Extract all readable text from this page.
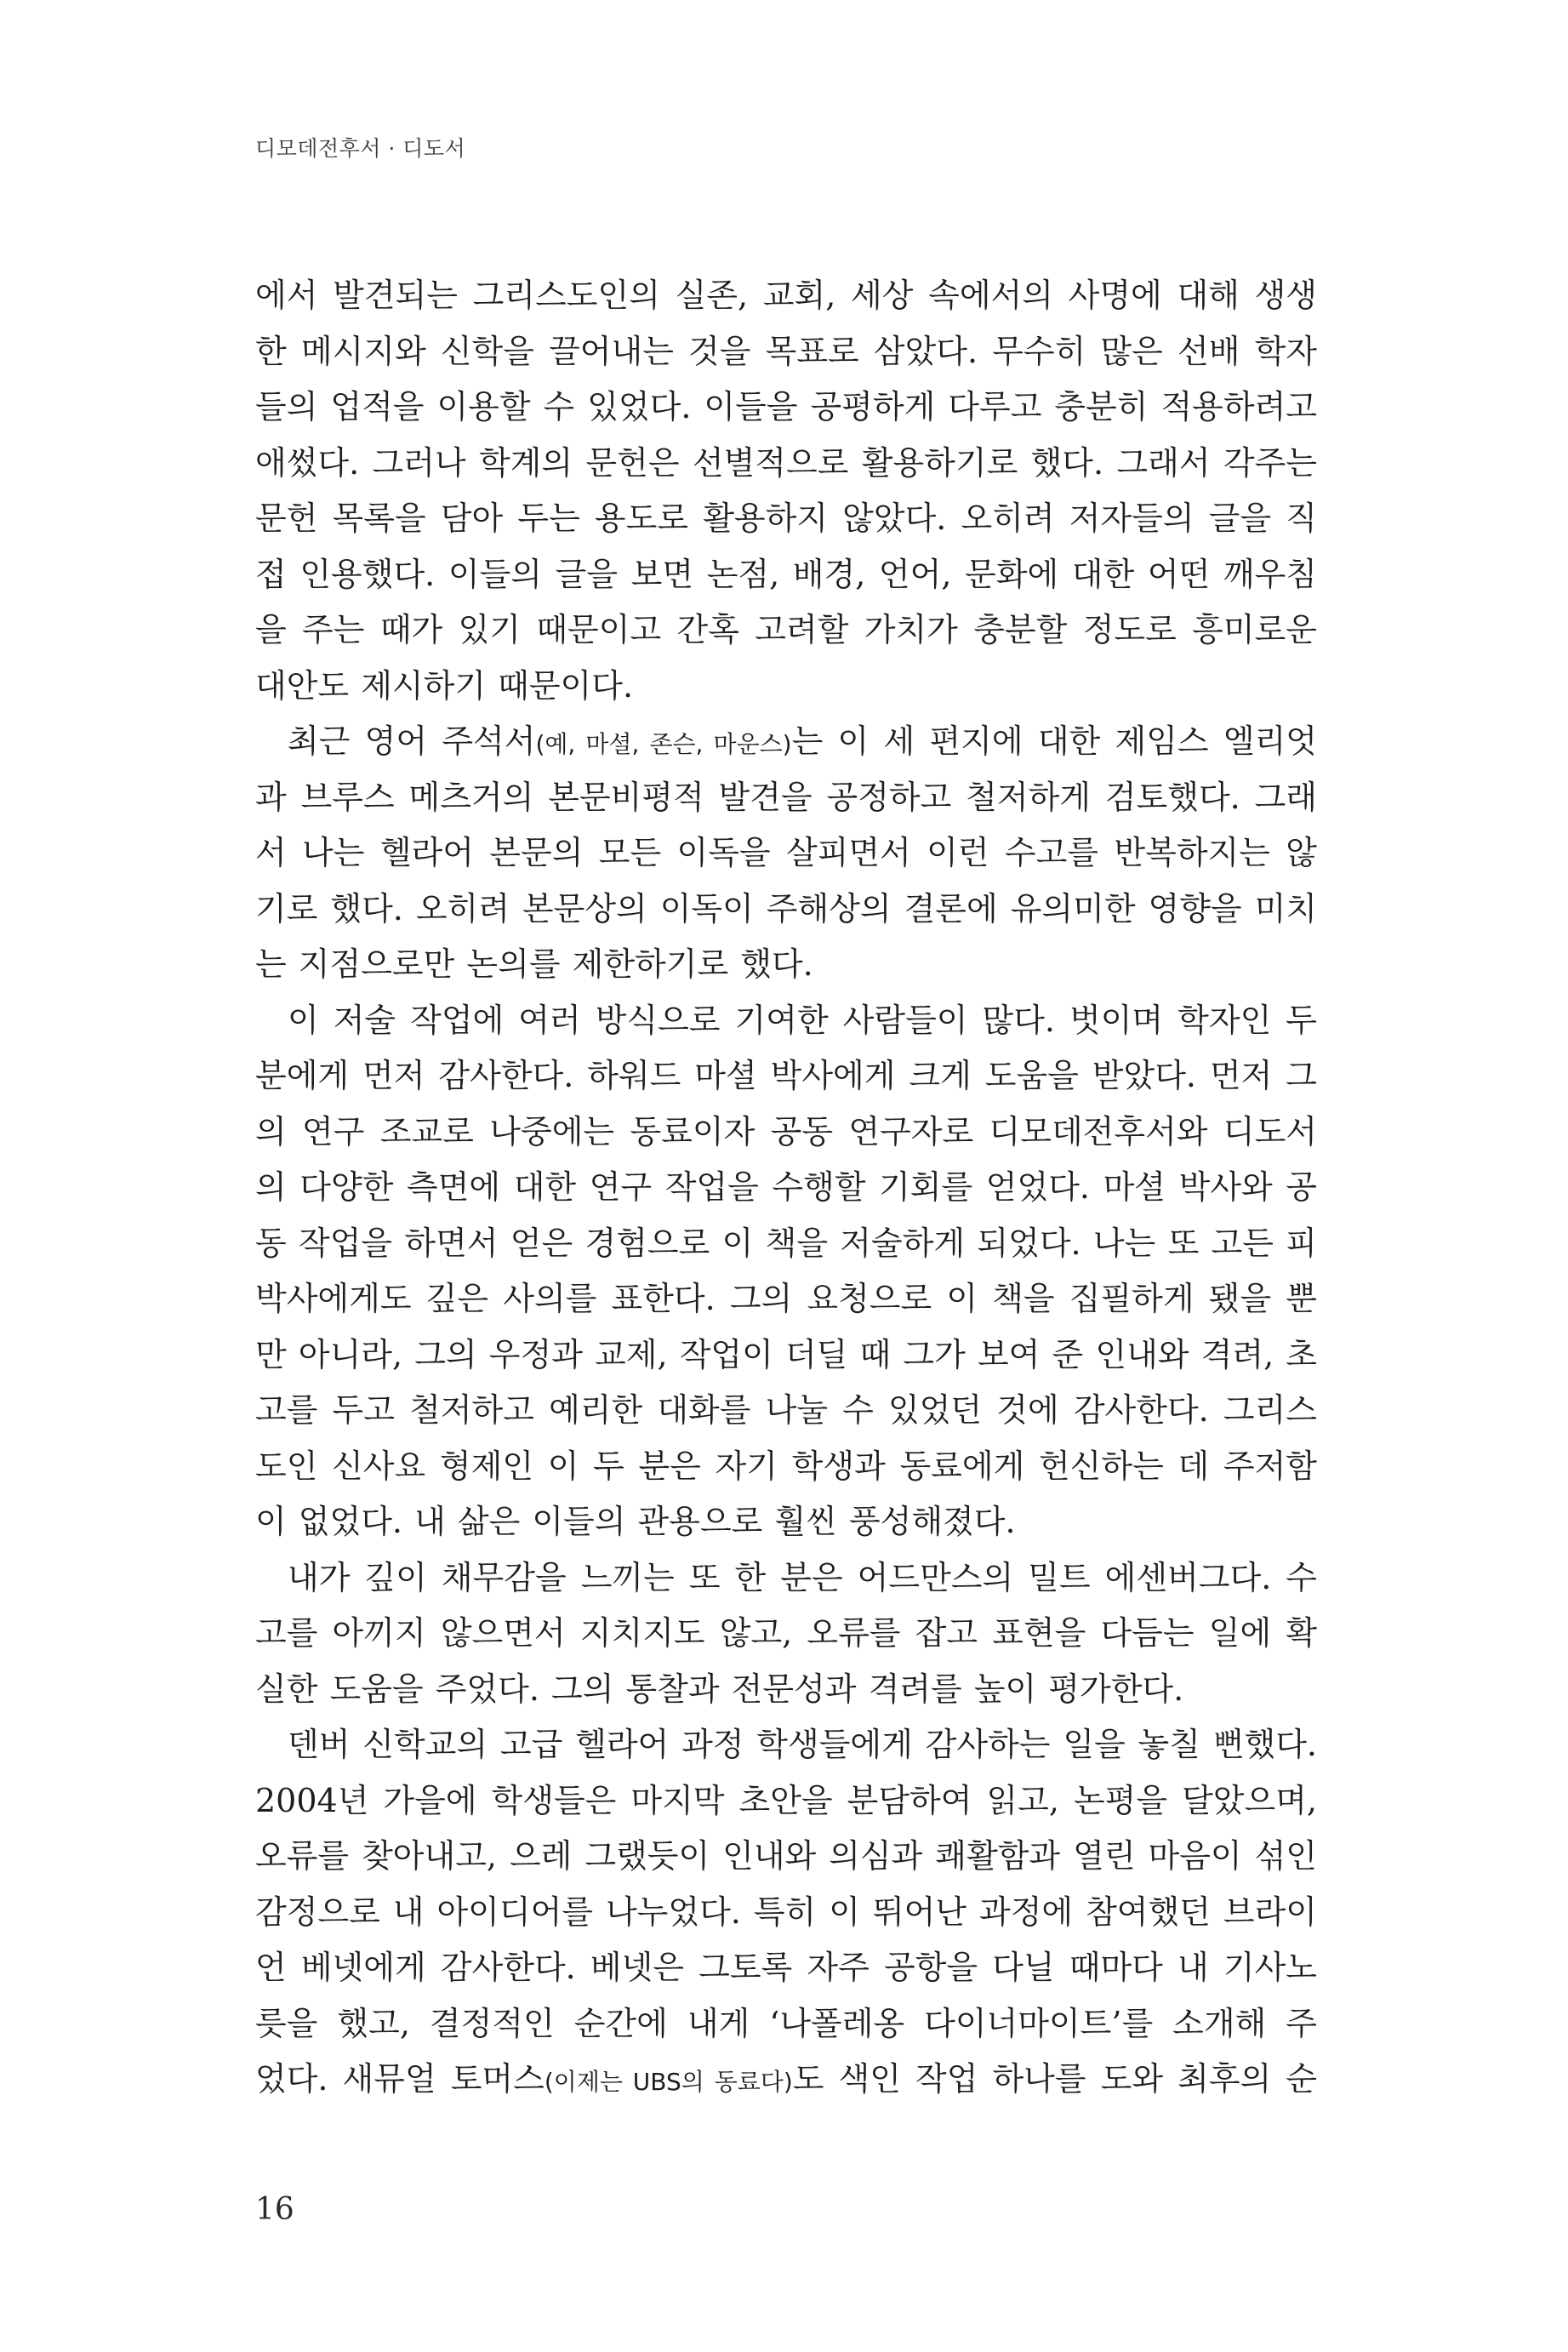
디모데전후서 · 디도서
에서 발견되는 그리스도인의 실존, 교회, 세상 속에서의 사명에 대해 생생
한 메시지와 신학을 끌어내는 것을 목표로 삼았다. 무수히 많은 선배 학자
들의 업적을 이용할 수 있었다. 이들을 공평하게 다루고 충분히 적용하려고
애썼다. 그러나 학계의 문헌은 선별적으로 활용하기로 했다. 그래서 각주는
문헌 목록을 담아 두는 용도로 활용하지 않았다. 오히려 저자들의 글을 직
접 인용했다. 이들의 글을 보면 논점, 배경, 언어, 문화에 대한 어떤 깨우침
을 주는 때가 있기 때문이고 간혹 고려할 가치가 충분할 정도로 흥미로운
대안도 제시하기 때문이다.
최근 영어 주석서(예, 마셜, 존슨, 마운스)는 이 세 편지에 대한 제임스 엘리엇
과 브루스 메츠거의 본문비평적 발견을 공정하고 철저하게 검토했다. 그래
서 나는 헬라어 본문의 모든 이독을 살피면서 이런 수고를 반복하지는 않
기로 했다. 오히려 본문상의 이독이 주해상의 결론에 유의미한 영향을 미치
는 지점으로만 논의를 제한하기로 했다.
이 저술 작업에 여러 방식으로 기여한 사람들이 많다. 벗이며 학자인 두
분에게 먼저 감사한다. 하워드 마셜 박사에게 크게 도움을 받았다. 먼저 그
의 연구 조교로 나중에는 동료이자 공동 연구자로 디모데전후서와 디도서
의 다양한 측면에 대한 연구 작업을 수행할 기회를 얻었다. 마셜 박사와 공
동 작업을 하면서 얻은 경험으로 이 책을 저술하게 되었다. 나는 또 고든 피
박사에게도 깊은 사의를 표한다. 그의 요청으로 이 책을 집필하게 됐을 뿐
만 아니라, 그의 우정과 교제, 작업이 더딜 때 그가 보여 준 인내와 격려, 초
고를 두고 철저하고 예리한 대화를 나눌 수 있었던 것에 감사한다. 그리스
도인 신사요 형제인 이 두 분은 자기 학생과 동료에게 헌신하는 데 주저함
이 없었다. 내 삶은 이들의 관용으로 훨씬 풍성해졌다.
내가 깊이 채무감을 느끼는 또 한 분은 어드만스의 밀트 에센버그다. 수
고를 아끼지 않으면서 지치지도 않고, 오류를 잡고 표현을 다듬는 일에 확
실한 도움을 주었다. 그의 통찰과 전문성과 격려를 높이 평가한다.
덴버 신학교의 고급 헬라어 과정 학생들에게 감사하는 일을 놓칠 뻔했다.
2004년 가을에 학생들은 마지막 초안을 분담하여 읽고, 논평을 달았으며,
오류를 찾아내고, 으레 그랬듯이 인내와 의심과 쾌활함과 열린 마음이 섞인
감정으로 내 아이디어를 나누었다. 특히 이 뛰어난 과정에 참여했던 브라이
언 베넷에게 감사한다. 베넷은 그토록 자주 공항을 다닐 때마다 내 기사노
릇을 했고, 결정적인 순간에 내게 ‘나폴레옹 다이너마이트’를 소개해 주
었다. 새뮤얼 토머스(이제는 UBS의 동료다)도 색인 작업 하나를 도와 최후의 순
16
